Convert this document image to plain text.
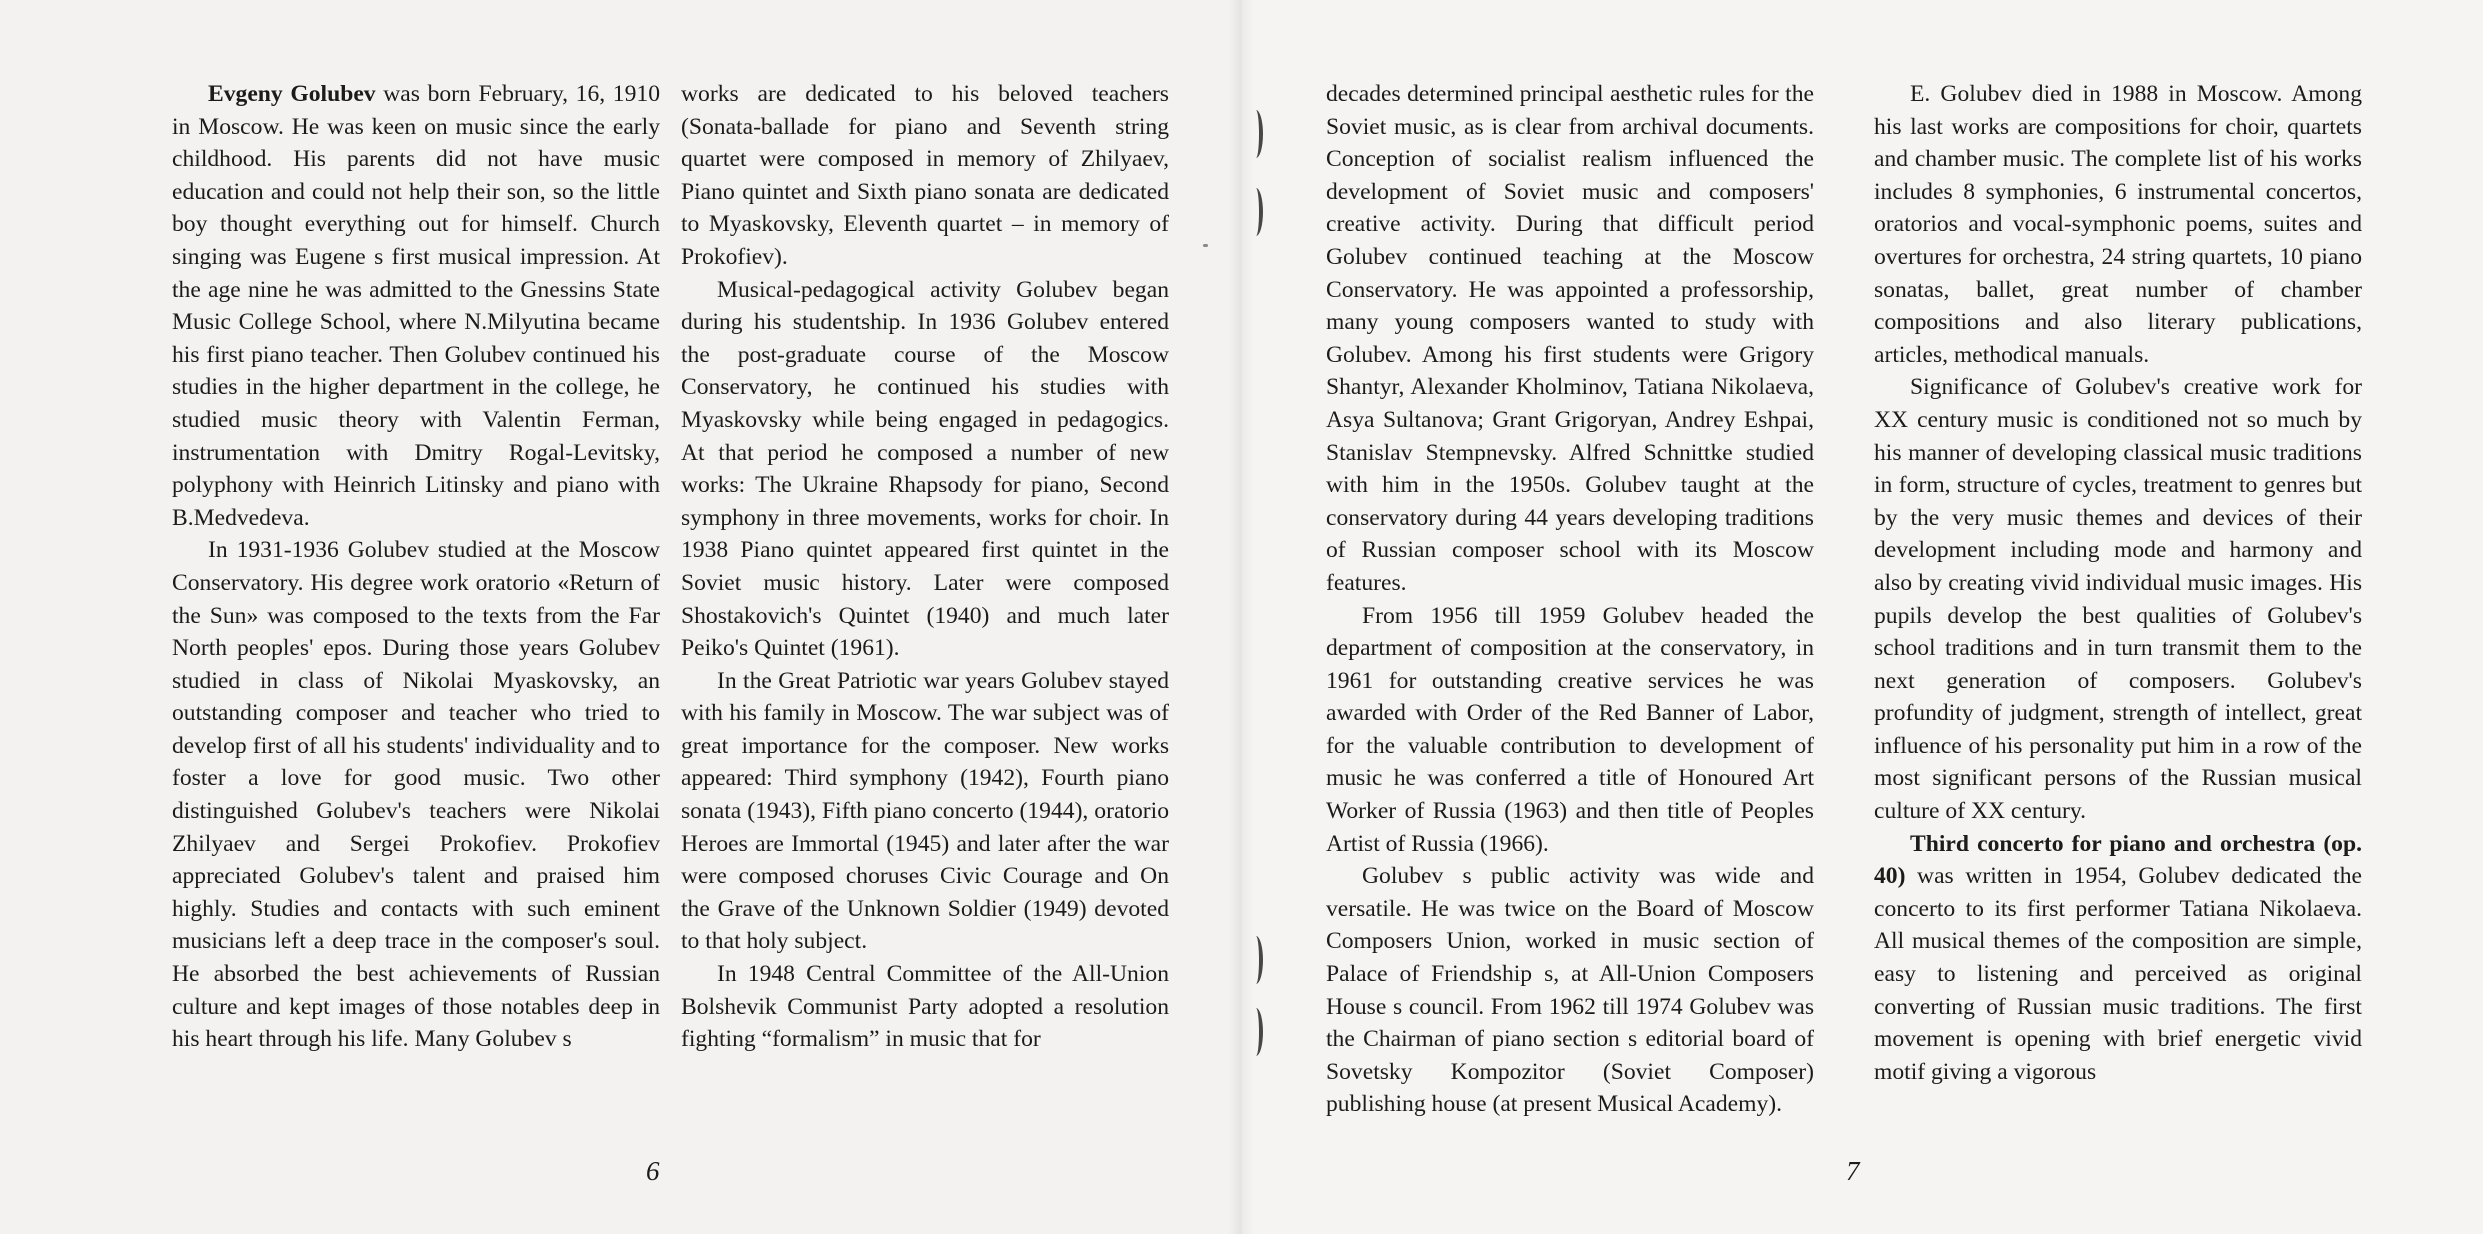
Evgeny Golubev was born February, 16, 1910 in Moscow. He was keen on music since the early childhood. His parents did not have music education and could not help their son, so the little boy thought everything out for himself. Church singing was Eugene s first musical impression. At the age nine he was admitted to the Gnessins State Music College School, where N.Milyutina became his first piano teacher. Then Golubev continued his studies in the higher department in the college, he studied music theory with Valentin Ferman, instrumentation with Dmitry Rogal-Levitsky, polyphony with Heinrich Litinsky and piano with B.Medvedeva.

In 1931-1936 Golubev studied at the Moscow Conservatory. His degree work oratorio «Return of the Sun» was composed to the texts from the Far North peoples' epos. During those years Golubev studied in class of Nikolai Myaskovsky, an outstanding composer and teacher who tried to develop first of all his students' individuality and to foster a love for good music. Two other distinguished Golubev's teachers were Nikolai Zhilyaev and Sergei Prokofiev. Prokofiev appreciated Golubev's talent and praised him highly. Studies and contacts with such eminent musicians left a deep trace in the composer's soul. He absorbed the best achievements of Russian culture and kept images of those notables deep in his heart through his life. Many Golubev s

works are dedicated to his beloved teachers (Sonata-ballade for piano and Seventh string quartet were composed in memory of Zhilyaev, Piano quintet and Sixth piano sonata are dedicated to Myaskovsky, Eleventh quartet – in memory of Prokofiev).

Musical-pedagogical activity Golubev began during his studentship. In 1936 Golubev entered the post-graduate course of the Moscow Conservatory, he continued his studies with Myaskovsky while being engaged in pedagogics. At that period he composed a number of new works: The Ukraine Rhapsody for piano, Second symphony in three movements, works for choir. In 1938 Piano quintet appeared first quintet in the Soviet music history. Later were composed Shostakovich's Quintet (1940) and much later Peiko's Quintet (1961).

In the Great Patriotic war years Golubev stayed with his family in Moscow. The war subject was of great importance for the composer. New works appeared: Third symphony (1942), Fourth piano sonata (1943), Fifth piano concerto (1944), oratorio Heroes are Immortal (1945) and later after the war were composed choruses Civic Courage and On the Grave of the Unknown Soldier (1949) devoted to that holy subject.

In 1948 Central Committee of the All-Union Bolshevik Communist Party adopted a resolution fighting “formalism” in music that for

6

decades determined principal aesthetic rules for the Soviet music, as is clear from archival documents. Conception of socialist realism influenced the development of Soviet music and composers' creative activity. During that difficult period Golubev continued teaching at the Moscow Conservatory. He was appointed a professorship, many young composers wanted to study with Golubev. Among his first students were Grigory Shantyr, Alexander Kholminov, Tatiana Nikolaeva, Asya Sultanova; Grant Grigoryan, Andrey Eshpai, Stanislav Stempnevsky. Alfred Schnittke studied with him in the 1950s. Golubev taught at the conservatory during 44 years developing traditions of Russian composer school with its Moscow features.

From 1956 till 1959 Golubev headed the department of composition at the conservatory, in 1961 for outstanding creative services he was awarded with Order of the Red Banner of Labor, for the valuable contribution to development of music he was conferred a title of Honoured Art Worker of Russia (1963) and then title of Peoples Artist of Russia (1966).

Golubev s public activity was wide and versatile. He was twice on the Board of Moscow Composers Union, worked in music section of Palace of Friendship s, at All-Union Composers House s council. From 1962 till 1974 Golubev was the Chairman of piano section s editorial board of Sovetsky Kompozitor (Soviet Composer) publishing house (at present Musical Academy).

E. Golubev died in 1988 in Moscow. Among his last works are compositions for choir, quartets and chamber music. The complete list of his works includes 8 symphonies, 6 instrumental concertos, oratorios and vocal-symphonic poems, suites and overtures for orchestra, 24 string quartets, 10 piano sonatas, ballet, great number of chamber compositions and also literary publications, articles, methodical manuals.

Significance of Golubev's creative work for XX century music is conditioned not so much by his manner of developing classical music traditions in form, structure of cycles, treatment to genres but by the very music themes and devices of their development including mode and harmony and also by creating vivid individual music images. His pupils develop the best qualities of Golubev's school traditions and in turn transmit them to the next generation of composers. Golubev's profundity of judgment, strength of intellect, great influence of his personality put him in a row of the most significant persons of the Russian musical culture of XX century.

Third concerto for piano and orchestra (op. 40) was written in 1954, Golubev dedicated the concerto to its first performer Tatiana Nikolaeva. All musical themes of the composition are simple, easy to listening and perceived as original converting of Russian music traditions. The first movement is opening with brief energetic vivid motif giving a vigorous

7
